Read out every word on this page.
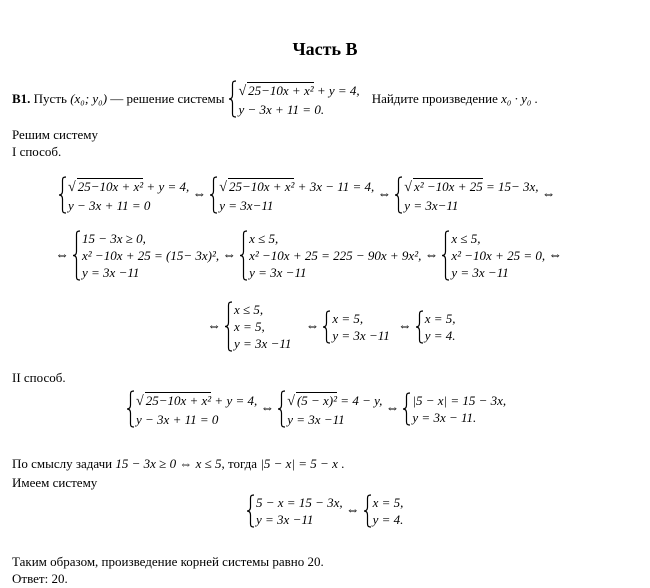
Часть В
В1.
Пусть
(x₀; y₀)
— решение системы √ 25−10x + x² + y = 4,
y − 3x + 11 = 0.
Найдите произведение
x₀ · y₀ .
Решим систему
I способ.
√ 25−10x + x² + y = 4,
y − 3x + 11 = 0
⇔ √ 25−10x + x² + 3x − 11 = 4,
y = 3x−11
⇔ √ x² −10x + 25 = 15− 3x,
y = 3x−11
⇔
⇔
15 − 3x ≥ 0,
x² −10x + 25 = (15− 3x)²,
y = 3x −11
⇔
x ≤ 5,
x² −10x + 25 = 225 − 90x + 9x²,
y = 3x −11
⇔
x ≤ 5,
x² −10x + 25 = 0,
y = 3x −11
⇔
⇔
x ≤ 5,
x = 5,
y = 3x −11
⇔
x = 5,
y = 3x −11
⇔
x = 5,
y = 4.
II способ.
√ 25−10x + x² + y = 4,
y − 3x + 11 = 0
⇔ √ (5 − x)² = 4 − y,
y = 3x −11
⇔
|5 − x| = 15 − 3x,
y = 3x − 11.
По смыслу задачи
15 − 3x ≥ 0 ⇔ x ≤ 5 , тогда
|5 − x| = 5 − x
.
Имеем систему
5 − x = 15 − 3x,
y = 3x −11
⇔
x = 5,
y = 4.
Таким образом, произведение корней системы равно 20.
Ответ: 20.
